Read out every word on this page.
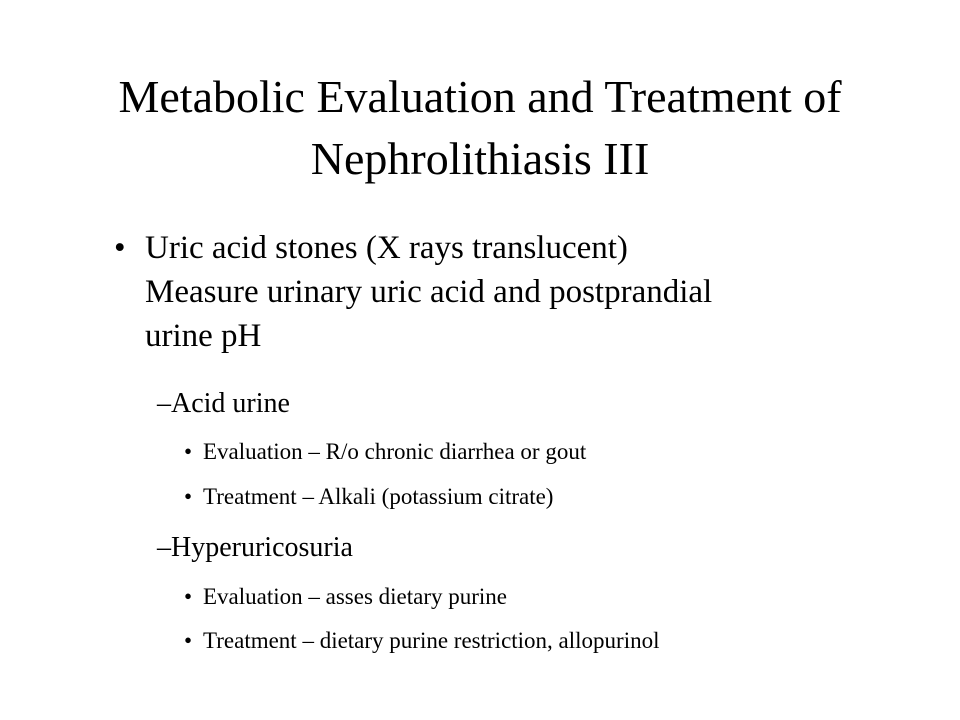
Metabolic Evaluation and Treatment of
Nephrolithiasis III
• Uric acid stones (X rays translucent)
Measure urinary uric acid and postprandial
urine pH
–Acid urine
• Evaluation – R/o chronic diarrhea or gout
• Treatment – Alkali (potassium citrate)
–Hyperuricosuria
• Evaluation – asses dietary purine
• Treatment – dietary purine restriction, allopurinol
